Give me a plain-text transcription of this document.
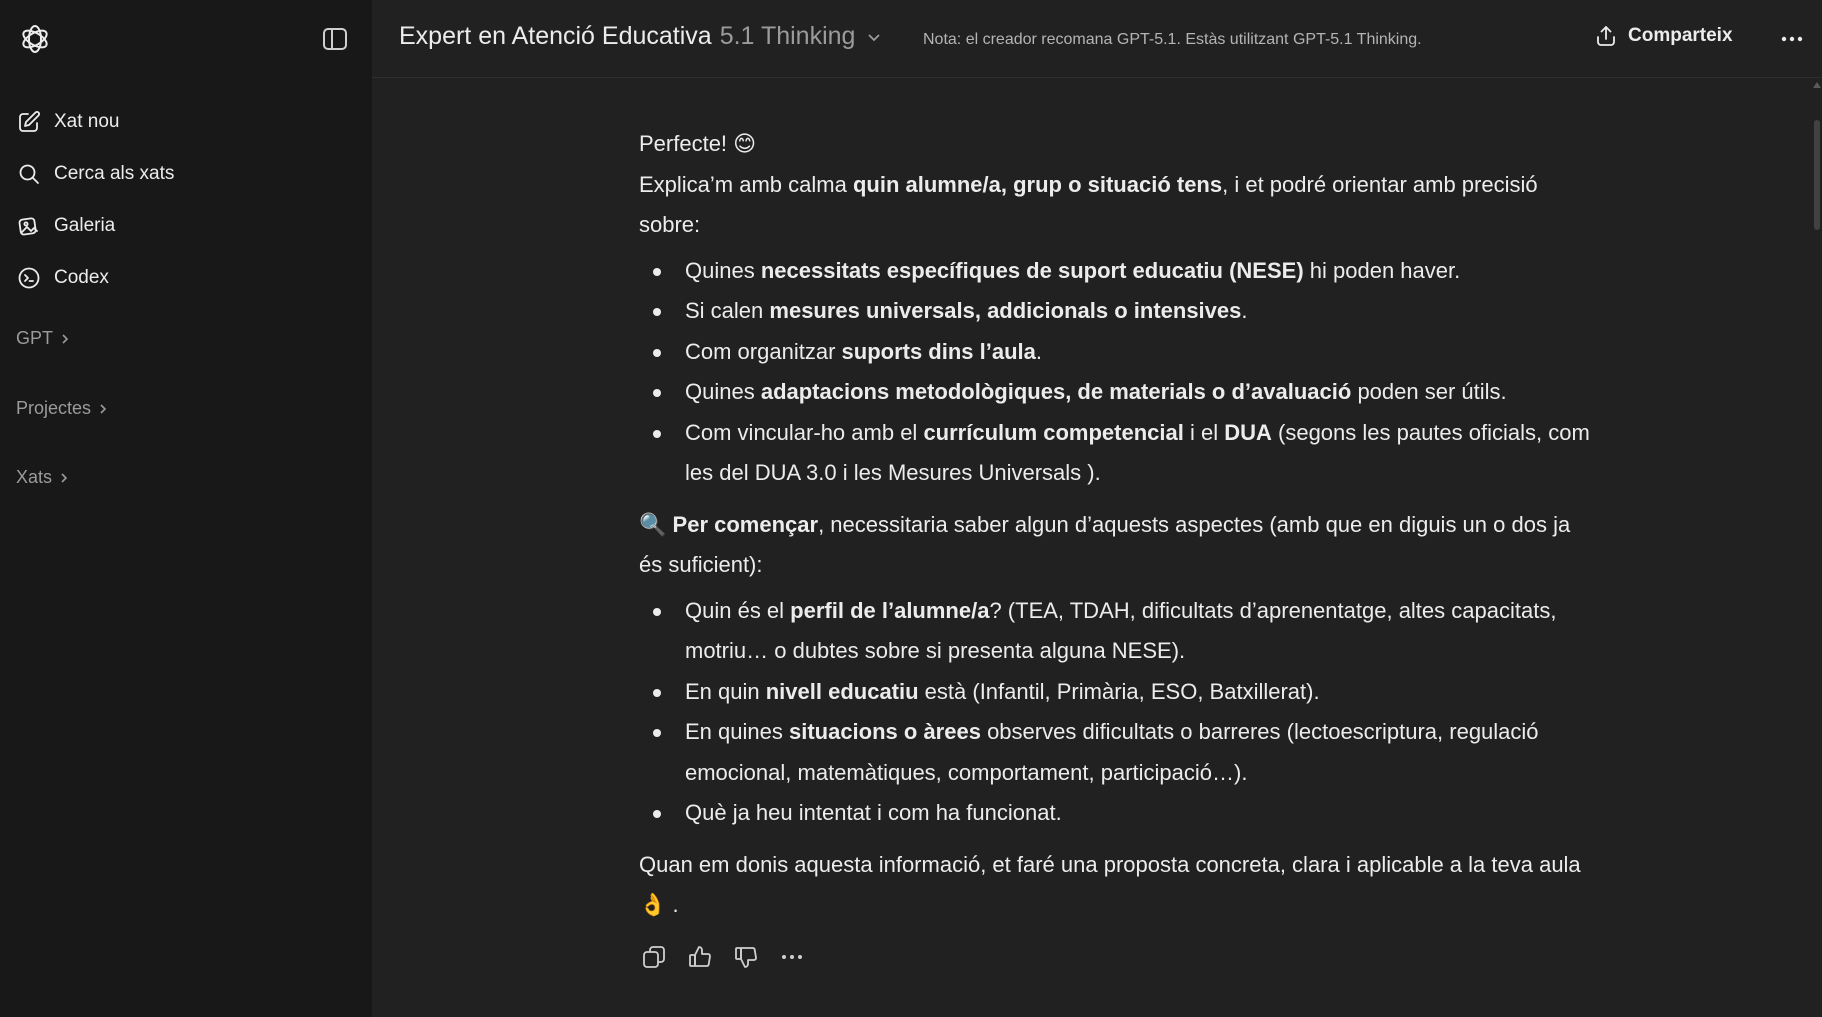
Xat nou
Cerca als xats
Galeria
Codex
GPT
Projectes
Xats
Expert en Atenció Educativa 5.1 Thinking	Nota: el creador recomana GPT-5.1. Estàs utilitzant GPT-5.1 Thinking.	Comparteix

Perfecte! 😊

Explica’m amb calma quin alumne/a, grup o situació tens, i et podré orientar amb precisió sobre:

Quines necessitats específiques de suport educatiu (NESE) hi poden haver.
Si calen mesures universals, addicionals o intensives.
Com organitzar suports dins l’aula.
Quines adaptacions metodològiques, de materials o d’avaluació poden ser útils.
Com vincular-ho amb el currículum competencial i el DUA (segons les pautes oficials, com les del DUA 3.0 i les Mesures Universals ).

🔍 Per començar, necessitaria saber algun d’aquests aspectes (amb que en diguis un o dos ja és suficient):

Quin és el perfil de l’alumne/a? (TEA, TDAH, dificultats d’aprenentatge, altes capacitats, motriu… o dubtes sobre si presenta alguna NESE).
En quin nivell educatiu està (Infantil, Primària, ESO, Batxillerat).
En quines situacions o àrees observes dificultats o barreres (lectoescriptura, regulació emocional, matemàtiques, comportament, participació…).
Què ja heu intentat i com ha funcionat.

Quan em donis aquesta informació, et faré una proposta concreta, clara i aplicable a la teva aula 👌 .
